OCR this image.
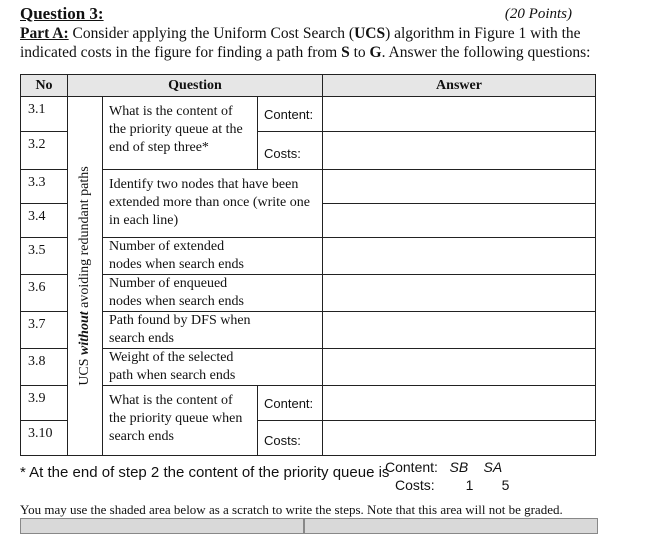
Question 3:	(20 Points)
Part A: Consider applying the Uniform Cost Search (UCS) algorithm in Figure 1 with the indicated costs in the figure for finding a path from S to G. Answer the following questions:
No	Question			Answer
3.1	UCS without avoiding redundant paths	What is the content of the priority queue at the end of step three*	Content:	
3.2			Costs:	
3.3		Identify two nodes that have been extended more than once (write one in each line)		
3.4				
3.5		Number of extended nodes when search ends		

3.6		Number of enqueued nodes when search ends		

3.7		Path found by DFS when search ends		

3.8		Weight of the selected path when search ends		

3.9		What is the content of the priority queue when search ends	Content:	
3.10			Costs:	
* At the end of step 2 the content of the priority queue is
Content: SB SA
Costs: 1 5
You may use the shaded area below as a scratch to write the steps. Note that this area will not be graded.
